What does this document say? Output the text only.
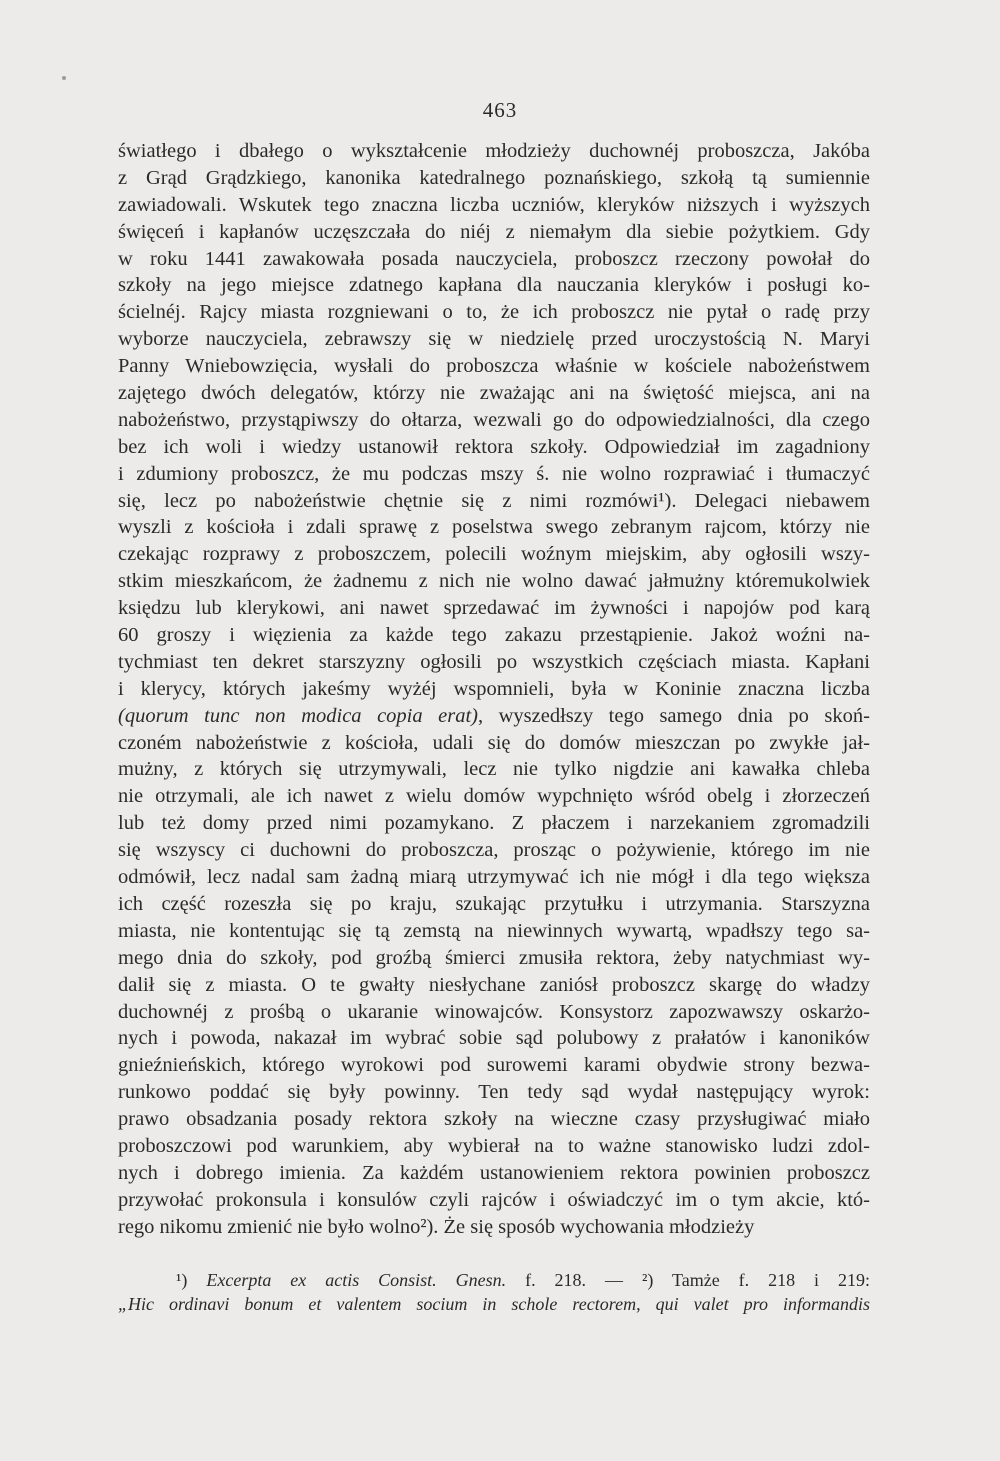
463
światłego i dbałego o wykształcenie młodzieży duchownéj proboszcza, Jakóba
z Grąd Grądzkiego, kanonika katedralnego poznańskiego, szkołą tą sumiennie
zawiadowali. Wskutek tego znaczna liczba uczniów, kleryków niższych i wyższych
święceń i kapłanów uczęszczała do niéj z niemałym dla siebie pożytkiem. Gdy
w roku 1441 zawakowała posada nauczyciela, proboszcz rzeczony powołał do
szkoły na jego miejsce zdatnego kapłana dla nauczania kleryków i posługi ko-
ścielnéj. Rajcy miasta rozgniewani o to, że ich proboszcz nie pytał o radę przy
wyborze nauczyciela, zebrawszy się w niedzielę przed uroczystością N. Maryi
Panny Wniebowzięcia, wysłali do proboszcza właśnie w kościele nabożeństwem
zajętego dwóch delegatów, którzy nie zważając ani na świętość miejsca, ani na
nabożeństwo, przystąpiwszy do ołtarza, wezwali go do odpowiedzialności, dla czego
bez ich woli i wiedzy ustanowił rektora szkoły. Odpowiedział im zagadniony
i zdumiony proboszcz, że mu podczas mszy ś. nie wolno rozprawiać i tłumaczyć
się, lecz po nabożeństwie chętnie się z nimi rozmówi¹). Delegaci niebawem
wyszli z kościoła i zdali sprawę z poselstwa swego zebranym rajcom, którzy nie
czekając rozprawy z proboszczem, polecili woźnym miejskim, aby ogłosili wszy-
stkim mieszkańcom, że żadnemu z nich nie wolno dawać jałmużny któremukolwiek
księdzu lub klerykowi, ani nawet sprzedawać im żywności i napojów pod karą
60 groszy i więzienia za każde tego zakazu przestąpienie. Jakoż woźni na-
tychmiast ten dekret starszyzny ogłosili po wszystkich częściach miasta. Kapłani
i klerycy, których jakeśmy wyżéj wspomnieli, była w Koninie znaczna liczba
(quorum tunc non modica copia erat), wyszedłszy tego samego dnia po skoń-
czoném nabożeństwie z kościoła, udali się do domów mieszczan po zwykłe jał-
mużny, z których się utrzymywali, lecz nie tylko nigdzie ani kawałka chleba
nie otrzymali, ale ich nawet z wielu domów wypchnięto wśród obelg i złorzeczeń
lub też domy przed nimi pozamykano. Z płaczem i narzekaniem zgromadzili
się wszyscy ci duchowni do proboszcza, prosząc o pożywienie, którego im nie
odmówił, lecz nadal sam żadną miarą utrzymywać ich nie mógł i dla tego większa
ich część rozeszła się po kraju, szukając przytułku i utrzymania. Starszyzna
miasta, nie kontentując się tą zemstą na niewinnych wywartą, wpadłszy tego sa-
mego dnia do szkoły, pod groźbą śmierci zmusiła rektora, żeby natychmiast wy-
dalił się z miasta. O te gwałty niesłychane zaniósł proboszcz skargę do władzy
duchownéj z prośbą o ukaranie winowajców. Konsystorz zapozwawszy oskarżo-
nych i powoda, nakazał im wybrać sobie sąd polubowy z prałatów i kanoników
gnieźnieńskich, którego wyrokowi pod surowemi karami obydwie strony bezwa-
runkowo poddać się były powinny. Ten tedy sąd wydał następujący wyrok:
prawo obsadzania posady rektora szkoły na wieczne czasy przysługiwać miało
proboszczowi pod warunkiem, aby wybierał na to ważne stanowisko ludzi zdol-
nych i dobrego imienia. Za każdém ustanowieniem rektora powinien proboszcz
przywołać prokonsula i konsulów czyli rajców i oświadczyć im o tym akcie, któ-
rego nikomu zmienić nie było wolno²). Że się sposób wychowania młodzieży
¹) Excerpta ex actis Consist. Gnesn. f. 218. — ²) Tamże f. 218 i 219:
„Hic ordinavi bonum et valentem socium in schole rectorem, qui valet pro informandis
